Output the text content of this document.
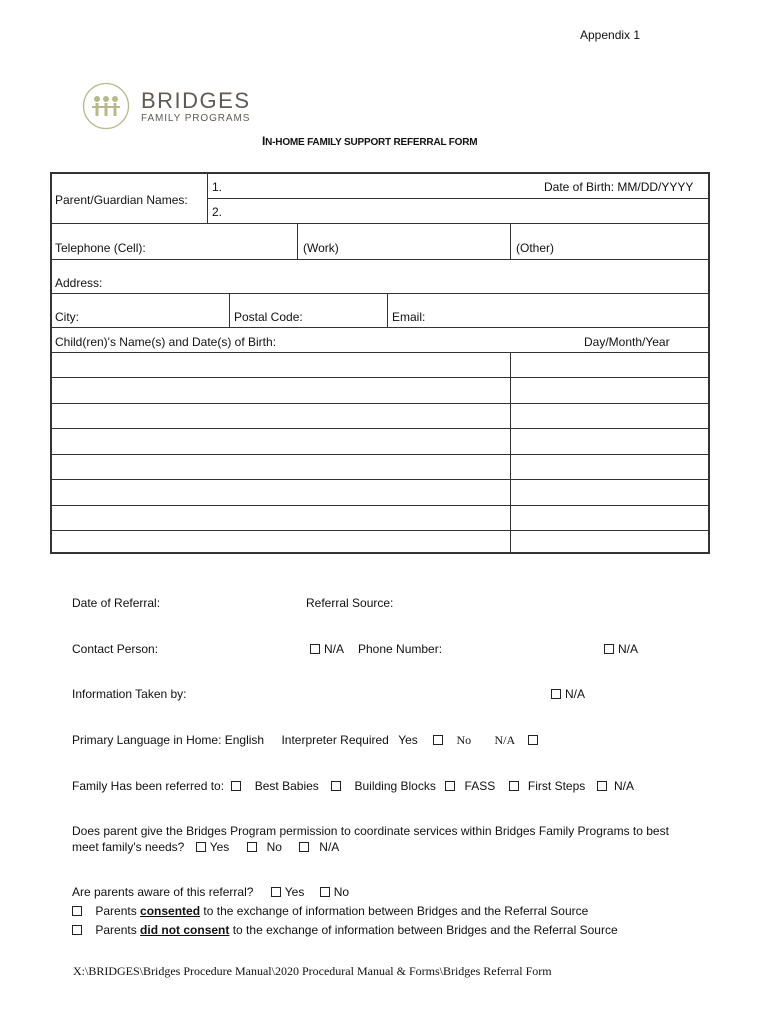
Appendix 1
BRIDGES
FAMILY PROGRAMS
IN-HOME FAMILY SUPPORT REFERRAL FORM
Parent/Guardian Names:
1.	Date of Birth: MM/DD/YYYY
2.
Telephone (Cell):	(Work)	(Other)
Address:
City:	Postal Code:	Email:
Child(ren)'s Name(s) and Date(s) of Birth:	Day/Month/Year
Date of Referral:	Referral Source:
Contact Person:	N/A Phone Number:	N/A
Information Taken by:	N/A
Primary Language in Home: English Interpreter Required Yes	No N/A
Family Has been referred to:	Best Babies	Building Blocks FASS	First Steps N/A
Does parent give the Bridges Program permission to coordinate services within Bridges Family Programs to best
meet family's needs? Yes	No	N/A
Are parents aware of this referral?	Yes No
Parents consented to the exchange of information between Bridges and the Referral Source
Parents did not consent to the exchange of information between Bridges and the Referral Source
X:\BRIDGES\Bridges Procedure Manual\2020 Procedural Manual & Forms\Bridges Referral Form
